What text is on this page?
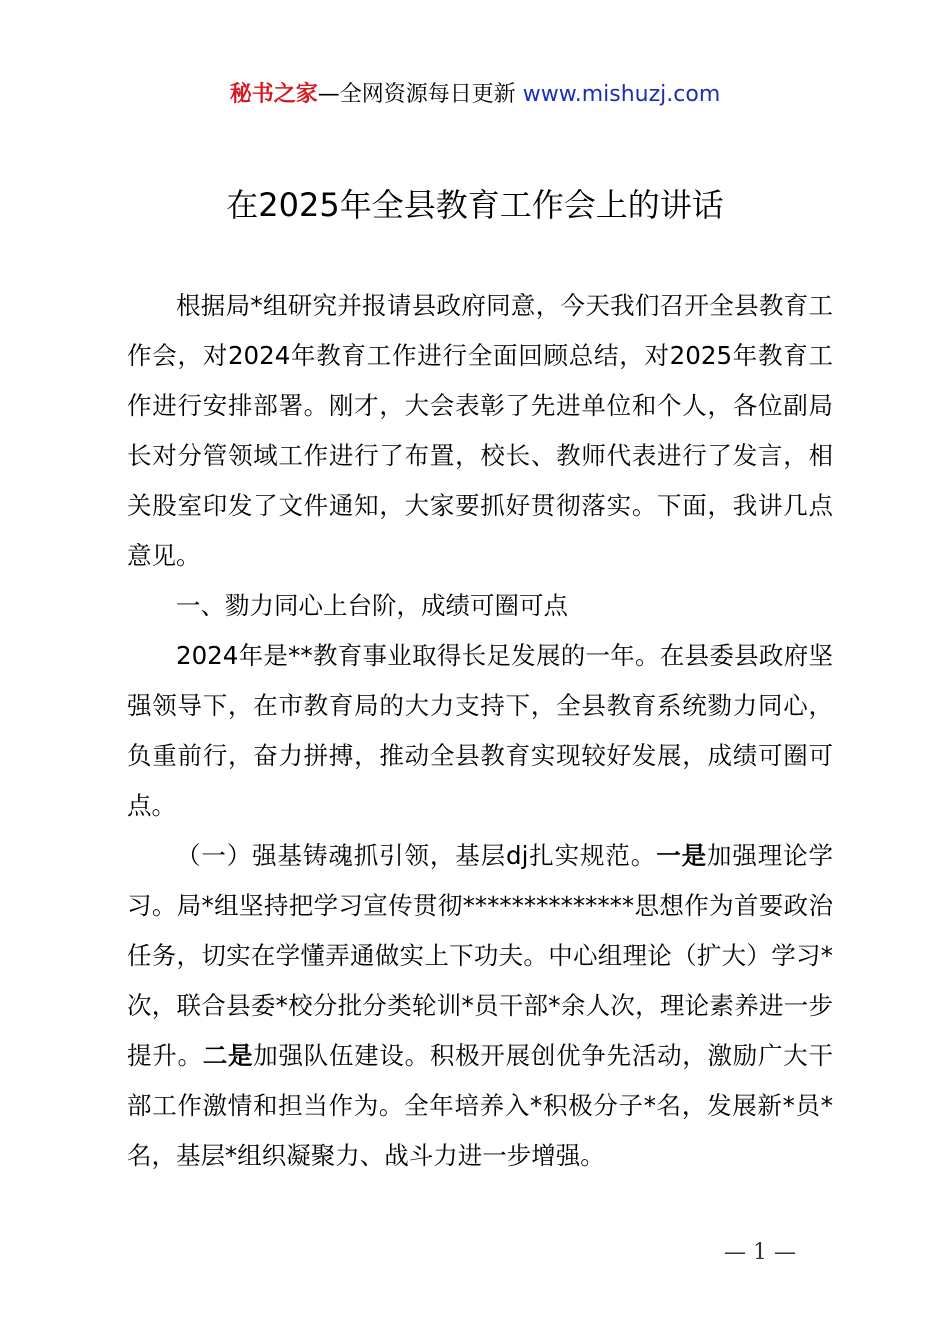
秘书之家—全网资源每日更新 www.mishuzj.com
在2025年全县教育工作会上的讲话

根据局*组研究并报请县政府同意，今天我们召开全县教育工作会，对2024年教育工作进行全面回顾总结，对2025年教育工作进行安排部署。刚才，大会表彰了先进单位和个人，各位副局长对分管领域工作进行了布置，校长、教师代表进行了发言，相关股室印发了文件通知，大家要抓好贯彻落实。下面，我讲几点意见。

一、勠力同心上台阶，成绩可圈可点

2024年是**教育事业取得长足发展的一年。在县委县政府坚强领导下，在市教育局的大力支持下，全县教育系统勠力同心，负重前行，奋力拼搏，推动全县教育实现较好发展，成绩可圈可点。

（一）强基铸魂抓引领，基层dj扎实规范。一是加强理论学习。局*组坚持把学习宣传贯彻**************思想作为首要政治任务，切实在学懂弄通做实上下功夫。中心组理论（扩大）学习*次，联合县委*校分批分类轮训*员干部*余人次，理论素养进一步提升。二是加强队伍建设。积极开展创优争先活动，激励广大干部工作激情和担当作为。全年培养入*积极分子*名，发展新*员*名，基层*组织凝聚力、战斗力进一步增强。

— 1 —
